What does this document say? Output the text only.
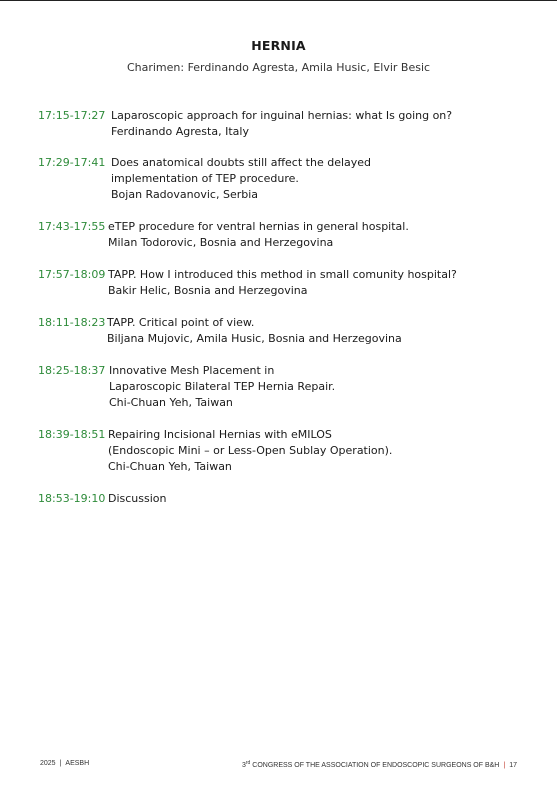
HERNIA
Charimen: Ferdinando Agresta, Amila Husic, Elvir Besic
17:15-17:27 Laparoscopic approach for inguinal hernias: what Is going on?
Ferdinando Agresta, Italy
17:29-17:41 Does anatomical doubts still affect the delayed
implementation of TEP procedure.
Bojan Radovanovic, Serbia
17:43-17:55 eTEP procedure for ventral hernias in general hospital.
Milan Todorovic, Bosnia and Herzegovina
17:57-18:09 TAPP. How I introduced this method in small comunity hospital?
Bakir Helic, Bosnia and Herzegovina
18:11-18:23 TAPP. Critical point of view.
Biljana Mujovic, Amila Husic, Bosnia and Herzegovina
18:25-18:37 Innovative Mesh Placement in
Laparoscopic Bilateral TEP Hernia Repair.
Chi-Chuan Yeh, Taiwan
18:39-18:51 Repairing Incisional Hernias with eMILOS
(Endoscopic Mini – or Less-Open Sublay Operation).
Chi-Chuan Yeh, Taiwan
18:53-19:10 Discussion
2025 | AESBH	3rd CONGRESS OF THE ASSOCIATION OF ENDOSCOPIC SURGEONS OF B&H | 17
